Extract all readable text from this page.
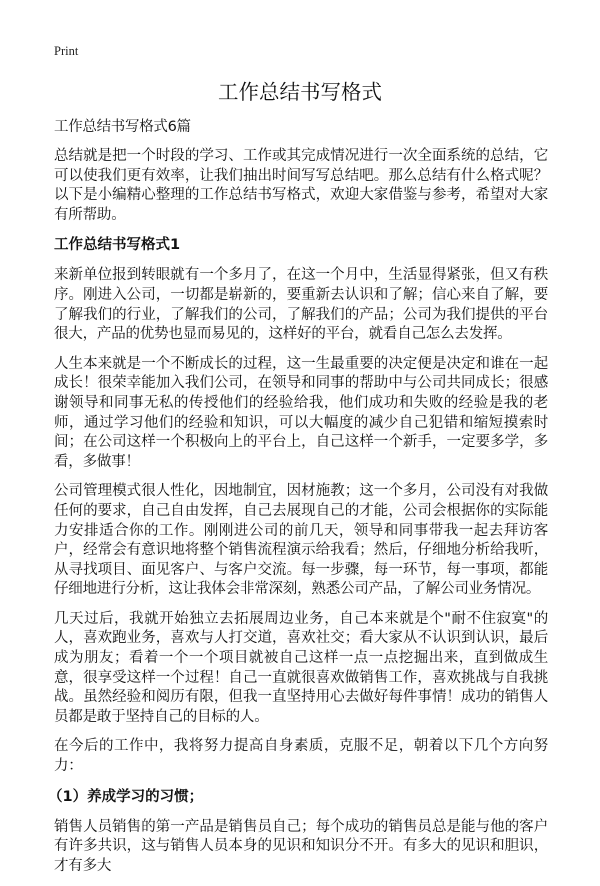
Print
工作总结书写格式
工作总结书写格式6篇

总结就是把一个时段的学习、工作或其完成情况进行一次全面系统的总结，它可以使我们更有效率，让我们抽出时间写写总结吧。那么总结有什么格式呢？以下是小编精心整理的工作总结书写格式，欢迎大家借鉴与参考，希望对大家有所帮助。

工作总结书写格式1

来新单位报到转眼就有一个多月了，在这一个月中，生活显得紧张，但又有秩序。刚进入公司，一切都是崭新的，要重新去认识和了解；信心来自了解，要了解我们的行业，了解我们的公司，了解我们的产品；公司为我们提供的平台很大，产品的优势也显而易见的，这样好的平台，就看自己怎么去发挥。

人生本来就是一个不断成长的过程，这一生最重要的决定便是决定和谁在一起成长！很荣幸能加入我们公司，在领导和同事的帮助中与公司共同成长；很感谢领导和同事无私的传授他们的经验给我，他们成功和失败的经验是我的老师，通过学习他们的经验和知识，可以大幅度的减少自己犯错和缩短摸索时间；在公司这样一个积极向上的平台上，自己这样一个新手，一定要多学，多看，多做事！

公司管理模式很人性化，因地制宜，因材施教；这一个多月，公司没有对我做任何的要求，自己自由发挥，自己去展现自己的才能，公司会根据你的实际能力安排适合你的工作。刚刚进公司的前几天，领导和同事带我一起去拜访客户，经常会有意识地将整个销售流程演示给我看；然后，仔细地分析给我听，从寻找项目、面见客户、与客户交流。每一步骤，每一环节，每一事项，都能仔细地进行分析，这让我体会非常深刻，熟悉公司产品，了解公司业务情况。

几天过后，我就开始独立去拓展周边业务，自己本来就是个"耐不住寂寞"的人，喜欢跑业务，喜欢与人打交道，喜欢社交；看大家从不认识到认识，最后成为朋友；看着一个一个项目就被自己这样一点一点挖掘出来，直到做成生意，很享受这样一个过程！自己一直就很喜欢做销售工作，喜欢挑战与自我挑战。虽然经验和阅历有限，但我一直坚持用心去做好每件事情！成功的销售人员都是敢于坚持自己的目标的人。

在今后的工作中，我将努力提高自身素质，克服不足，朝着以下几个方向努力：

（1）养成学习的习惯；

销售人员销售的第一产品是销售员自己；每个成功的销售员总是能与他的客户有许多共识，这与销售人员本身的见识和知识分不开。有多大的见识和胆识，才有多大
